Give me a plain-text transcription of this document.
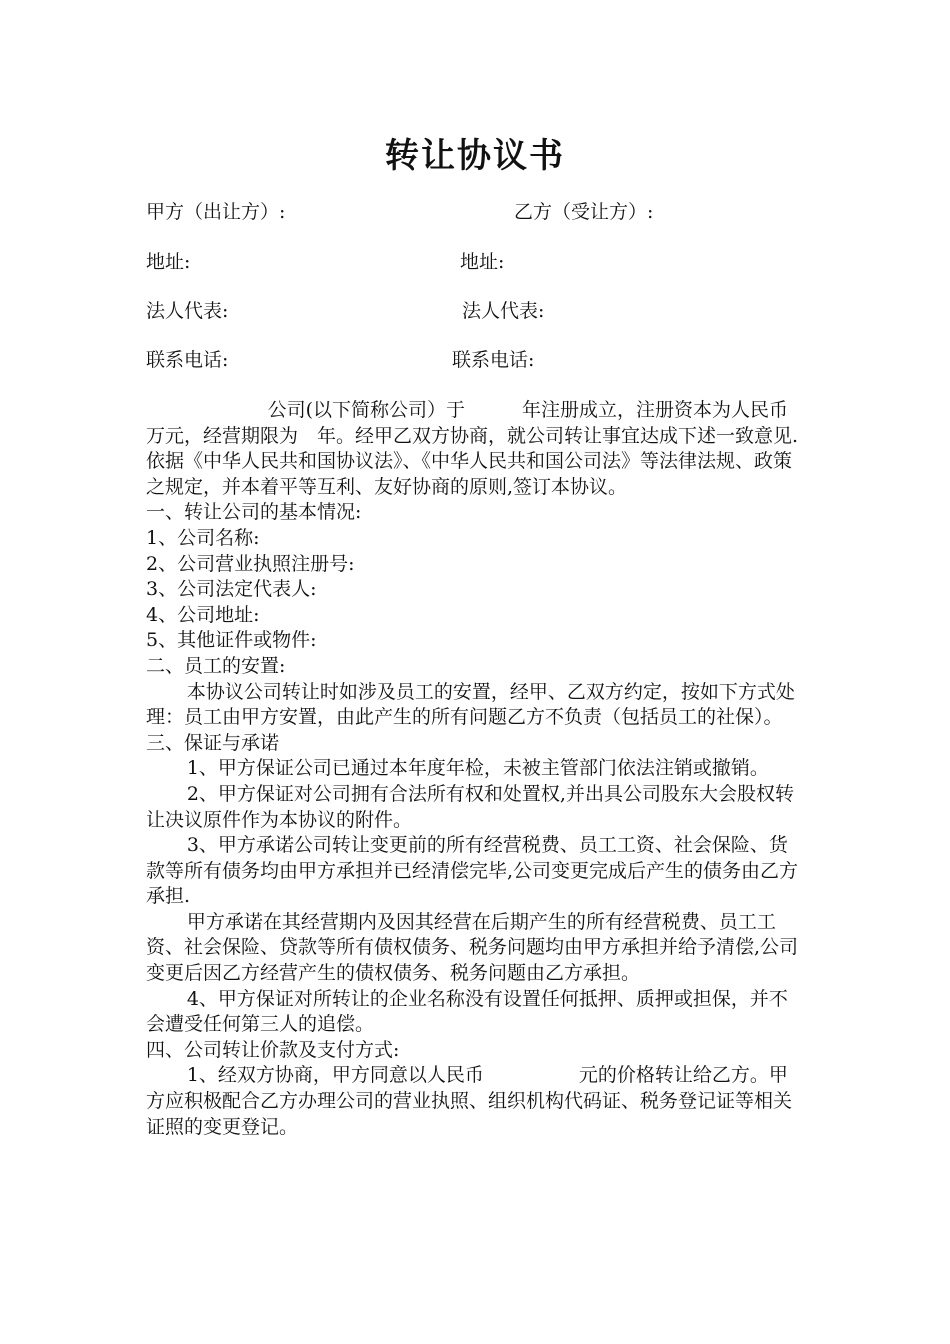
转让协议书
甲方（出让方）:	乙方（受让方）:
地址:	地址:
法人代表:	法人代表:
联系电话:	联系电话:

公司(以下简称公司）于　　　年注册成立，注册资本为人民币　　万元，经营期限为　年。经甲乙双方协商，就公司转让事宜达成下述一致意见.依据《中华人民共和国协议法》、《中华人民共和国公司法》等法律法规、政策之规定，并本着平等互利、友好协商的原则,签订本协议。

一、转让公司的基本情况:

1、公司名称:

2、公司营业执照注册号:

3、公司法定代表人:

4、公司地址:

5、其他证件或物件:

二、员工的安置:

本协议公司转让时如涉及员工的安置，经甲、乙双方约定，按如下方式处理：员工由甲方安置，由此产生的所有问题乙方不负责（包括员工的社保）。

三、保证与承诺

1、甲方保证公司已通过本年度年检，未被主管部门依法注销或撤销。

2、甲方保证对公司拥有合法所有权和处置权,并出具公司股东大会股权转让决议原件作为本协议的附件。

3、甲方承诺公司转让变更前的所有经营税费、员工工资、社会保险、货款等所有债务均由甲方承担并已经清偿完毕,公司变更完成后产生的债务由乙方承担.

甲方承诺在其经营期内及因其经营在后期产生的所有经营税费、员工工资、社会保险、贷款等所有债权债务、税务问题均由甲方承担并给予清偿,公司变更后因乙方经营产生的债权债务、税务问题由乙方承担。

4、甲方保证对所转让的企业名称没有设置任何抵押、质押或担保，并不会遭受任何第三人的追偿。

四、公司转让价款及支付方式:

1、经双方协商，甲方同意以人民币　　　　　元的价格转让给乙方。甲方应积极配合乙方办理公司的营业执照、组织机构代码证、税务登记证等相关证照的变更登记。
